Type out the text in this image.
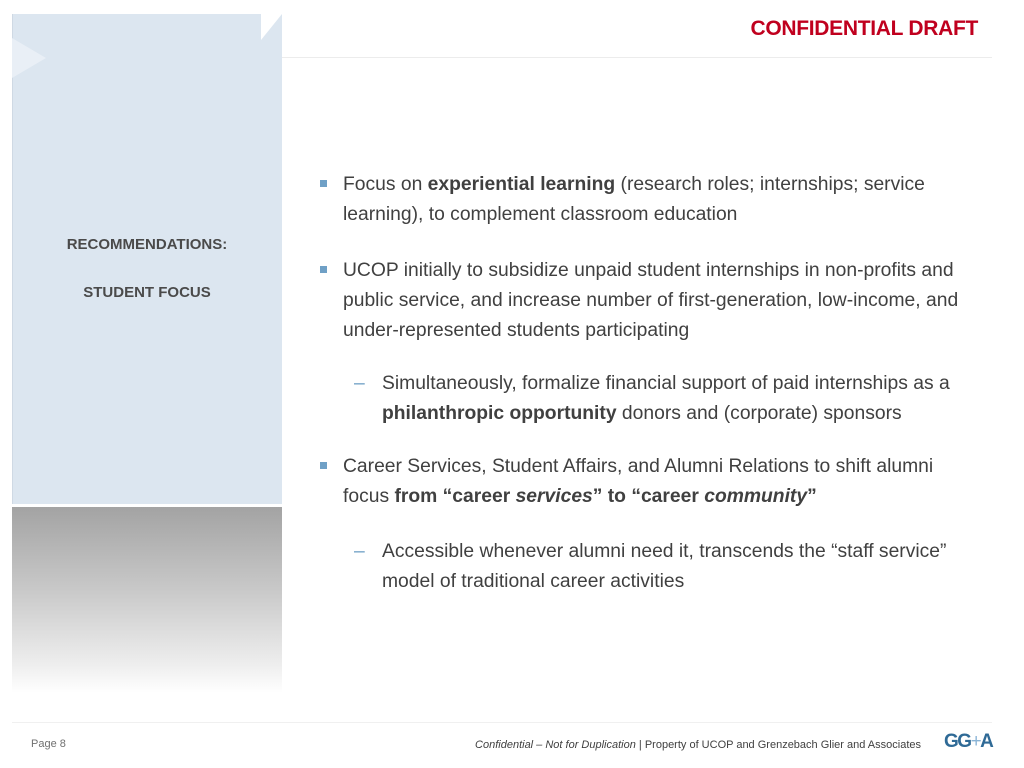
CONFIDENTIAL DRAFT
RECOMMENDATIONS:
STUDENT FOCUS
Focus on experiential learning (research roles; internships; service learning), to complement classroom education
UCOP initially to subsidize unpaid student internships in non-profits and public service, and increase number of first-generation, low-income, and under-represented students participating
– Simultaneously, formalize financial support of paid internships as a philanthropic opportunity donors and (corporate) sponsors
Career Services, Student Affairs, and Alumni Relations to shift alumni focus from “career services” to “career community”
– Accessible whenever alumni need it, transcends the “staff service” model of traditional career activities
Page 8	Confidential – Not for Duplication | Property of UCOP and Grenzebach Glier and Associates GG+A
